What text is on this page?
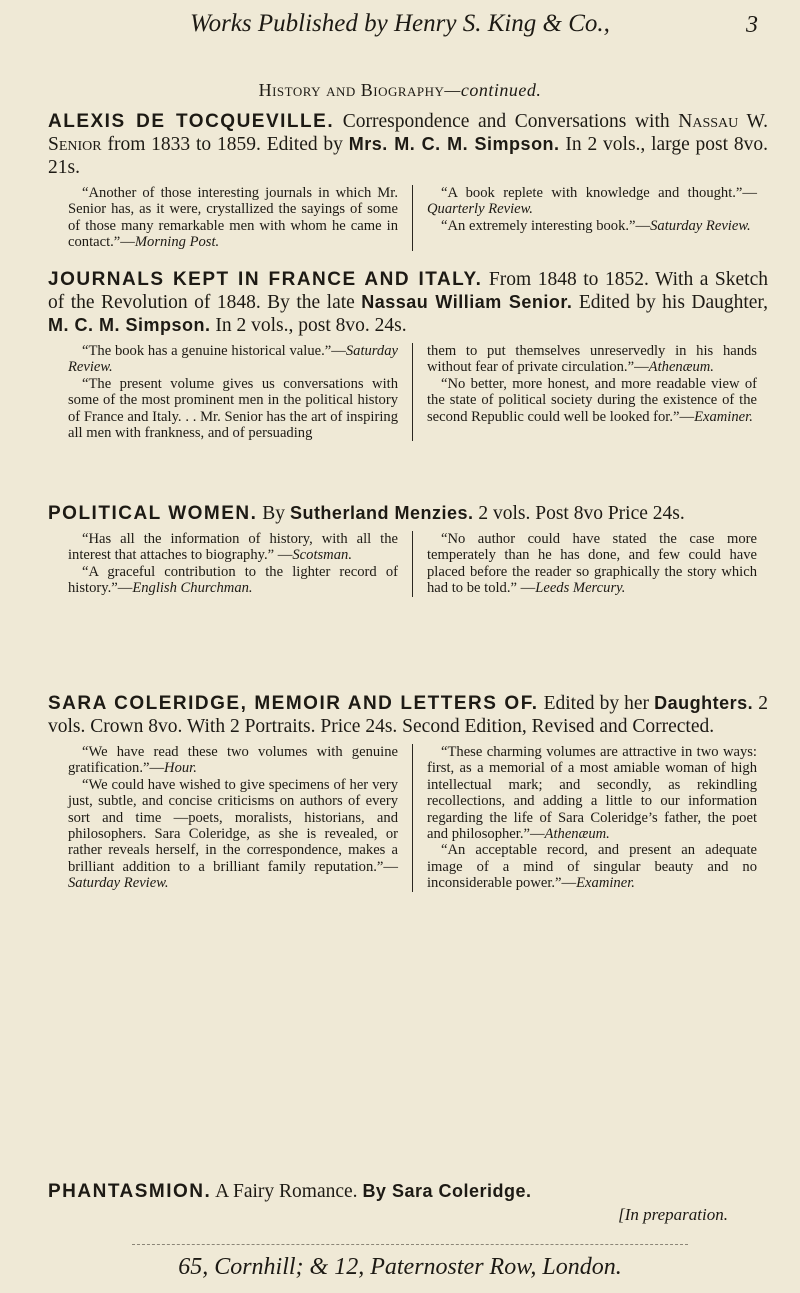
Works Published by Henry S. King & Co.,	3
History and Biography—continued.
ALEXIS DE TOCQUEVILLE. Correspondence and Conversations with Nassau W. Senior from 1833 to 1859. Edited by Mrs. M. C. M. Simpson. In 2 vols., large post 8vo. 21s.

“Another of those interesting journals in which Mr. Senior has, as it were, crystallized the sayings of some of those many remarkable men with whom he came in contact.”—Morning Post.

“A book replete with knowledge and thought.”—Quarterly Review.

“An extremely interesting book.”—Saturday Review.

JOURNALS KEPT IN FRANCE AND ITALY. From 1848 to 1852. With a Sketch of the Revolution of 1848. By the late Nassau William Senior. Edited by his Daughter, M. C. M. Simpson. In 2 vols., post 8vo. 24s.

“The book has a genuine historical value.”—Saturday Review.

“The present volume gives us conversations with some of the most prominent men in the political history of France and Italy. . . Mr. Senior has the art of inspiring all men with frankness, and of persuading

them to put themselves unreservedly in his hands without fear of private circulation.”—Athenæum.

“No better, more honest, and more readable view of the state of political society during the existence of the second Republic could well be looked for.”—Examiner.

POLITICAL WOMEN. By Sutherland Menzies. 2 vols. Post 8vo Price 24s.

“Has all the information of history, with all the interest that attaches to biography.” —Scotsman.

“A graceful contribution to the lighter record of history.”—English Churchman.

“No author could have stated the case more temperately than he has done, and few could have placed before the reader so graphically the story which had to be told.” —Leeds Mercury.

SARA COLERIDGE, MEMOIR AND LETTERS OF. Edited by her Daughters. 2 vols. Crown 8vo. With 2 Portraits. Price 24s. Second Edition, Revised and Corrected.

“We have read these two volumes with genuine gratification.”—Hour.

“We could have wished to give specimens of her very just, subtle, and concise criticisms on authors of every sort and time —poets, moralists, historians, and philosophers. Sara Coleridge, as she is revealed, or rather reveals herself, in the correspondence, makes a brilliant addition to a brilliant family reputation.”—Saturday Review.

“These charming volumes are attractive in two ways: first, as a memorial of a most amiable woman of high intellectual mark; and secondly, as rekindling recollections, and adding a little to our information regarding the life of Sara Coleridge’s father, the poet and philosopher.”—Athenæum.

“An acceptable record, and present an adequate image of a mind of singular beauty and no inconsiderable power.”—Examiner.

PHANTASMION. A Fairy Romance. By Sara Coleridge.
[In preparation.
65, Cornhill; & 12, Paternoster Row, London.
